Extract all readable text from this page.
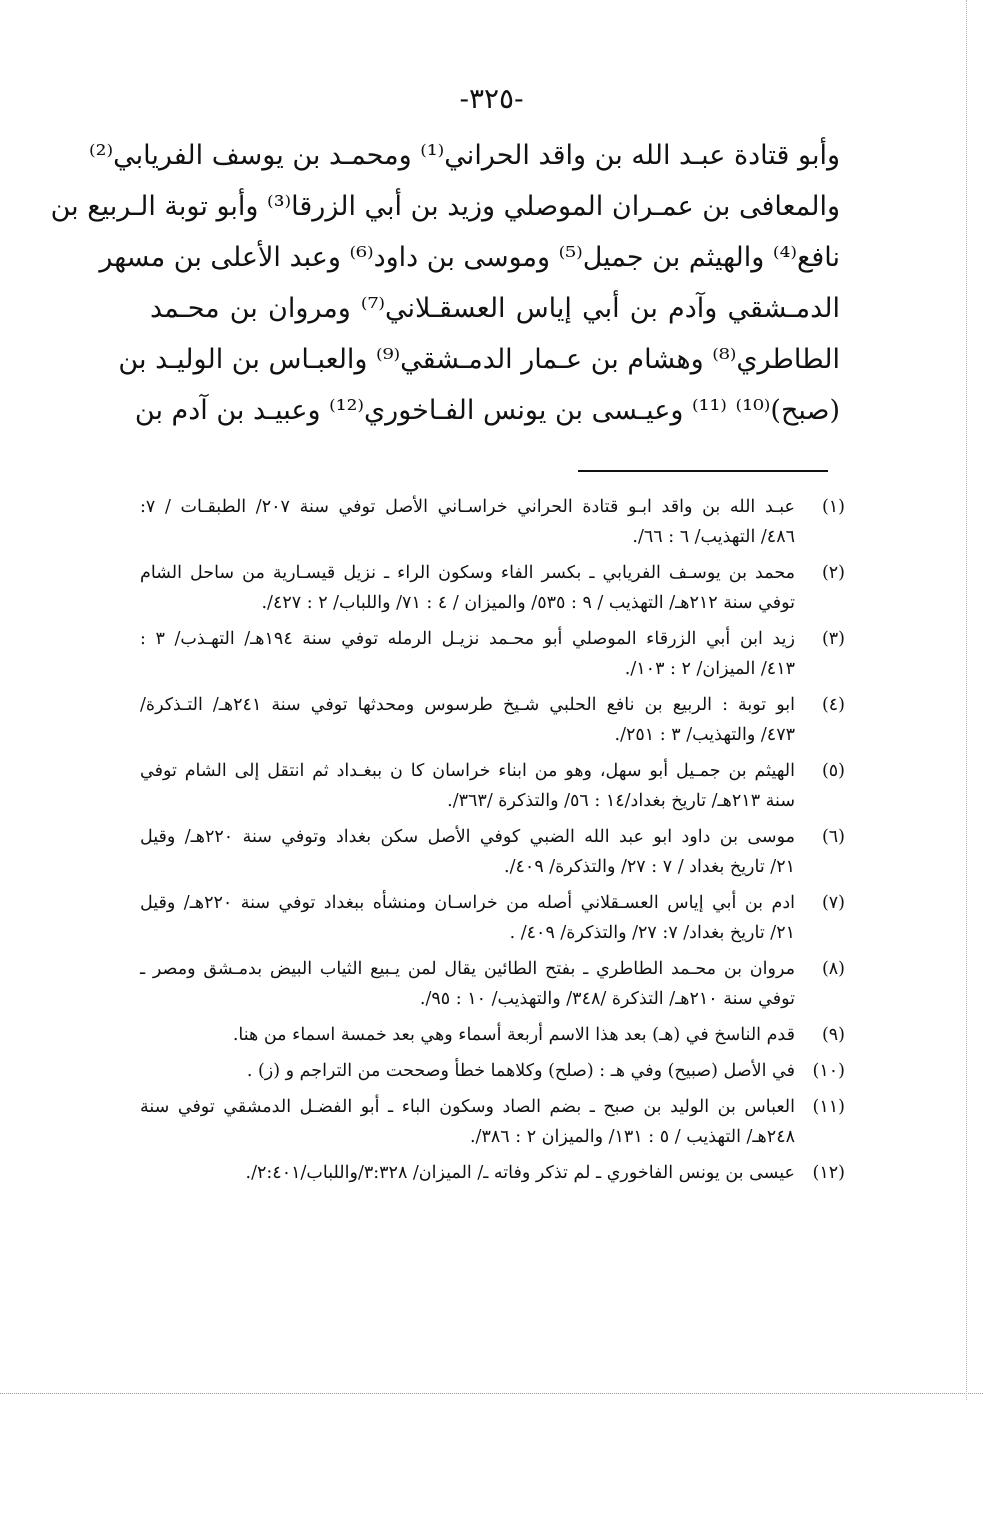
-٣٢٥-
وأبو قتادة عبـد الله بن واقد الحراني⁽¹⁾ ومحمـد بن يوسف الفريابي⁽²⁾
والمعافى بن عمـران الموصلي وزيد بن أبي الزرقا⁽³⁾ وأبو توبة الـربيع بن
نافع⁽⁴⁾ والهيثم بن جميل⁽⁵⁾ وموسى بن داود⁽⁶⁾ وعبد الأعلى بن مسهر
الدمـشقي وآدم بن أبي إياس العسقـلاني⁽⁷⁾ ومروان بن محـمد
الطاطري⁽⁸⁾ وهشام بن عـمار الدمـشقي⁽⁹⁾ والعبـاس بن الوليـد بن
(صبح)⁽¹⁰⁾ ⁽¹¹⁾ وعيـسى بن يونس الفـاخوري⁽¹²⁾ وعبيـد بن آدم بن
(١)
عبـد الله بن واقد ابـو قتادة الحراني خراسـاني الأصل توفي سنة ٢٠٧/ الطبقـات / ٧:
٤٨٦/ التهذيب/ ٦ : ٦٦/.
(٢)
محمد بن يوسـف الفريابي ـ بكسر الفاء وسكون الراء ـ نزيل قيسـارية من ساحل الشام
توفي سنة ٢١٢هـ/ التهذيب / ٩ : ٥٣٥/ والميزان / ٤ : ٧١/ واللباب/ ٢ : ٤٢٧/.
(٣)
زيد ابن أبي الزرقاء الموصلي أبو محـمد نزيـل الرمله توفي سنة ١٩٤هـ/ التهـذب/ ٣ :
٤١٣/ الميزان/ ٢ : ١٠٣/.
(٤)
ابو توبة : الربيع بن نافع الحلبي شـيخ طرسوس ومحدثها توفي سنة ٢٤١هـ/ التـذكرة/
٤٧٣/ والتهذيب/ ٣ : ٢٥١/.
(٥)
الهيثم بن جمـيل أبو سهل، وهو من ابناء خراسان كا ن ببغـداد ثم انتقل إلى الشام توفي
سنة ٢١٣هـ/ تاريخ بغداد/١٤ : ٥٦/ والتذكرة /٣٦٣/.
(٦)
موسى بن داود ابو عبد الله الضبي كوفي الأصل سكن بغداد وتوفي سنة ٢٢٠هـ/ وقيل
٢١/ تاريخ بغداد / ٧ : ٢٧/ والتذكرة/ ٤٠٩/.
(٧)
ادم بن أبي إياس العسـقلاني أصله من خراسـان ومنشأه ببغداد توفي سنة ٢٢٠هـ/ وقيل
٢١/ تاريخ بغداد/ ٧: ٢٧/ والتذكرة/ ٤٠٩/ .
(٨)
مروان بن محـمد الطاطري ـ بفتح الطائين يقال لمن يـبيع الثياب البيض بدمـشق ومصر ـ
توفي سنة ٢١٠هـ/ التذكرة /٣٤٨/ والتهذيب/ ١٠ : ٩٥/.
(٩)
قدم الناسخ في (هـ) بعد هذا الاسم أربعة أسماء وهي بعد خمسة اسماء من هنا.
(١٠)
في الأصل (صبيح) وفي هـ : (صلح) وكلاهما خطأ وصححت من التراجم و (ز) .
(١١)
العباس بن الوليد بن صبح ـ بضم الصاد وسكون الباء ـ أبو الفضـل الدمشقي توفي سنة
٢٤٨هـ/ التهذيب / ٥ : ١٣١/ والميزان ٢ : ٣٨٦/.
(١٢)
عيسى بن يونس الفاخوري ـ لم تذكر وفاته ـ/ الميزان/ ٣:٣٢٨/واللباب/٢:٤٠١/.
